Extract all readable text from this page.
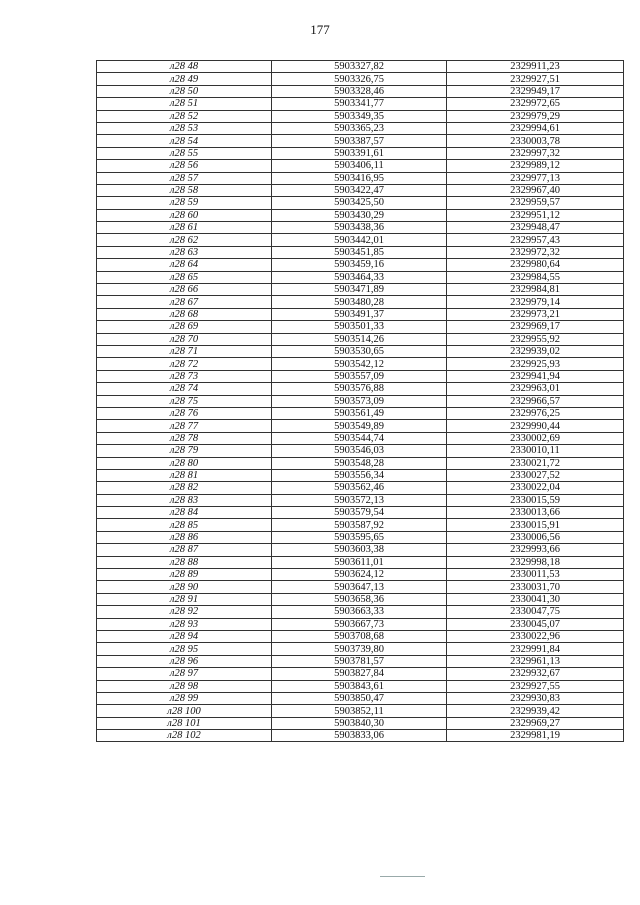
177
л28 48	5903327,82	2329911,23
л28 49	5903326,75	2329927,51
л28 50	5903328,46	2329949,17
л28 51	5903341,77	2329972,65
л28 52	5903349,35	2329979,29
л28 53	5903365,23	2329994,61
л28 54	5903387,57	2330003,78
л28 55	5903391,61	2329997,32
л28 56	5903406,11	2329989,12
л28 57	5903416,95	2329977,13
л28 58	5903422,47	2329967,40
л28 59	5903425,50	2329959,57
л28 60	5903430,29	2329951,12
л28 61	5903438,36	2329948,47
л28 62	5903442,01	2329957,43
л28 63	5903451,85	2329972,32
л28 64	5903459,16	2329980,64
л28 65	5903464,33	2329984,55
л28 66	5903471,89	2329984,81
л28 67	5903480,28	2329979,14
л28 68	5903491,37	2329973,21
л28 69	5903501,33	2329969,17
л28 70	5903514,26	2329955,92
л28 71	5903530,65	2329939,02
л28 72	5903542,12	2329925,93
л28 73	5903557,09	2329941,94
л28 74	5903576,88	2329963,01
л28 75	5903573,09	2329966,57
л28 76	5903561,49	2329976,25
л28 77	5903549,89	2329990,44
л28 78	5903544,74	2330002,69
л28 79	5903546,03	2330010,11
л28 80	5903548,28	2330021,72
л28 81	5903556,34	2330027,52
л28 82	5903562,46	2330022,04
л28 83	5903572,13	2330015,59
л28 84	5903579,54	2330013,66
л28 85	5903587,92	2330015,91
л28 86	5903595,65	2330006,56
л28 87	5903603,38	2329993,66
л28 88	5903611,01	2329998,18
л28 89	5903624,12	2330011,53
л28 90	5903647,13	2330031,70
л28 91	5903658,36	2330041,30
л28 92	5903663,33	2330047,75
л28 93	5903667,73	2330045,07
л28 94	5903708,68	2330022,96
л28 95	5903739,80	2329991,84
л28 96	5903781,57	2329961,13
л28 97	5903827,84	2329932,67
л28 98	5903843,61	2329927,55
л28 99	5903850,47	2329930,83
л28 100	5903852,11	2329939,42
л28 101	5903840,30	2329969,27
л28 102	5903833,06	2329981,19
